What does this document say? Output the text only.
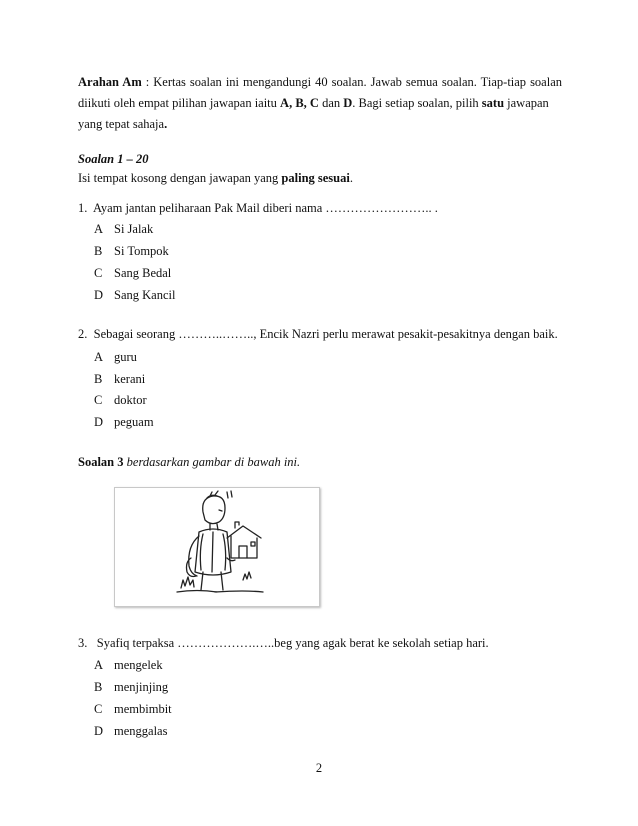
Arahan Am : Kertas soalan ini mengandungi 40 soalan. Jawab semua soalan. Tiap-tiap soalan diikuti oleh empat pilihan jawapan iaitu A, B, C dan D. Bagi setiap soalan, pilih satu jawapan
yang tepat sahaja.
Soalan 1 – 20
Isi tempat kosong dengan jawapan yang paling sesuai.
1. Ayam jantan peliharaan Pak Mail diberi nama …………………….. .
A Si Jalak
B Si Tompok
C Sang Bedal
D Sang Kancil
2. Sebagai seorang ………..…….., Encik Nazri perlu merawat pesakit-pesakitnya dengan baik.
A guru
B kerani
C doktor
D peguam
Soalan 3 berdasarkan gambar di bawah ini.
3. Syafiq terpaksa ……………….…..beg yang agak berat ke sekolah setiap hari.
A mengelek
B menjinjing
C membimbit
D menggalas
2
